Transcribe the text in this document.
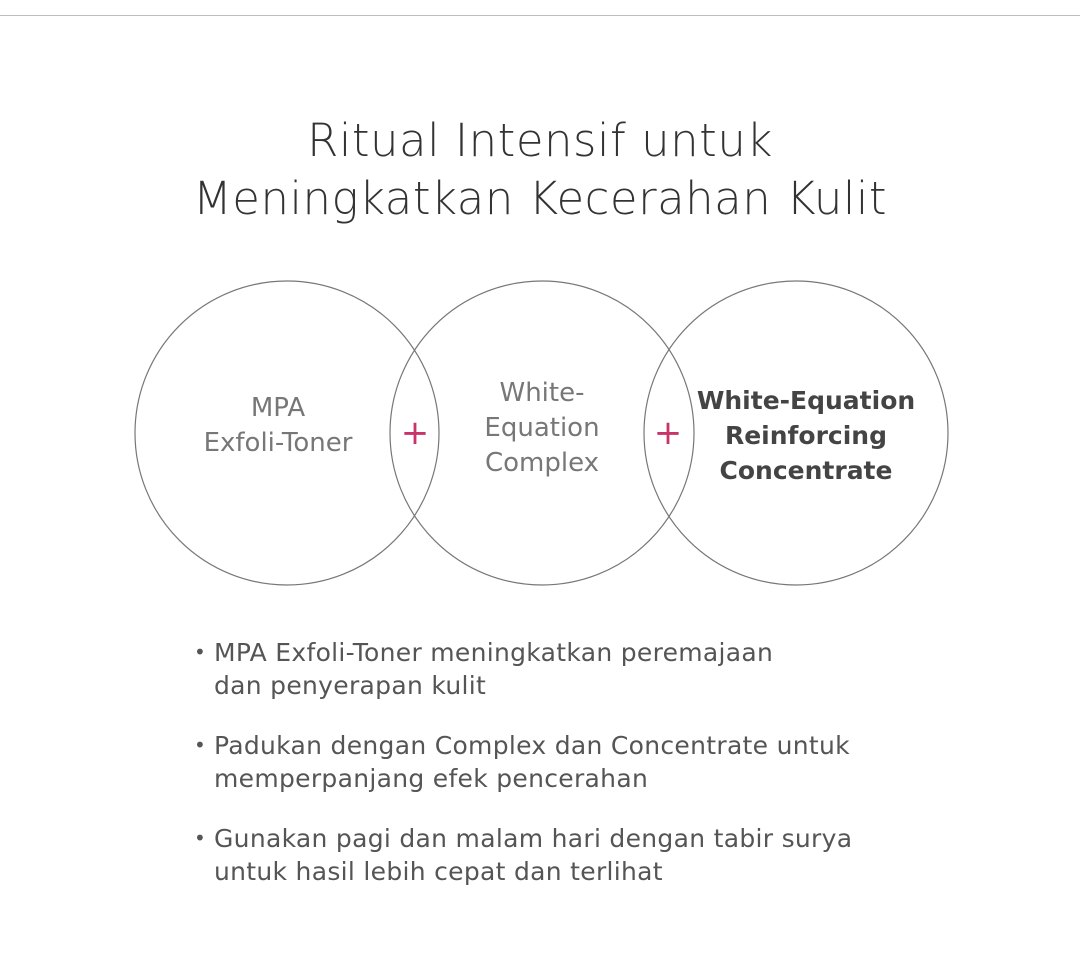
Ritual Intensif untuk
Meningkatkan Kecerahan Kulit
MPA
Exfoli-Toner
White-
Equation
Complex
White-Equation
Reinforcing
Concentrate
+	+
• MPA Exfoli-Toner meningkatkan peremajaan
dan penyerapan kulit
• Padukan dengan Complex dan Concentrate untuk
memperpanjang efek pencerahan
• Gunakan pagi dan malam hari dengan tabir surya
untuk hasil lebih cepat dan terlihat
